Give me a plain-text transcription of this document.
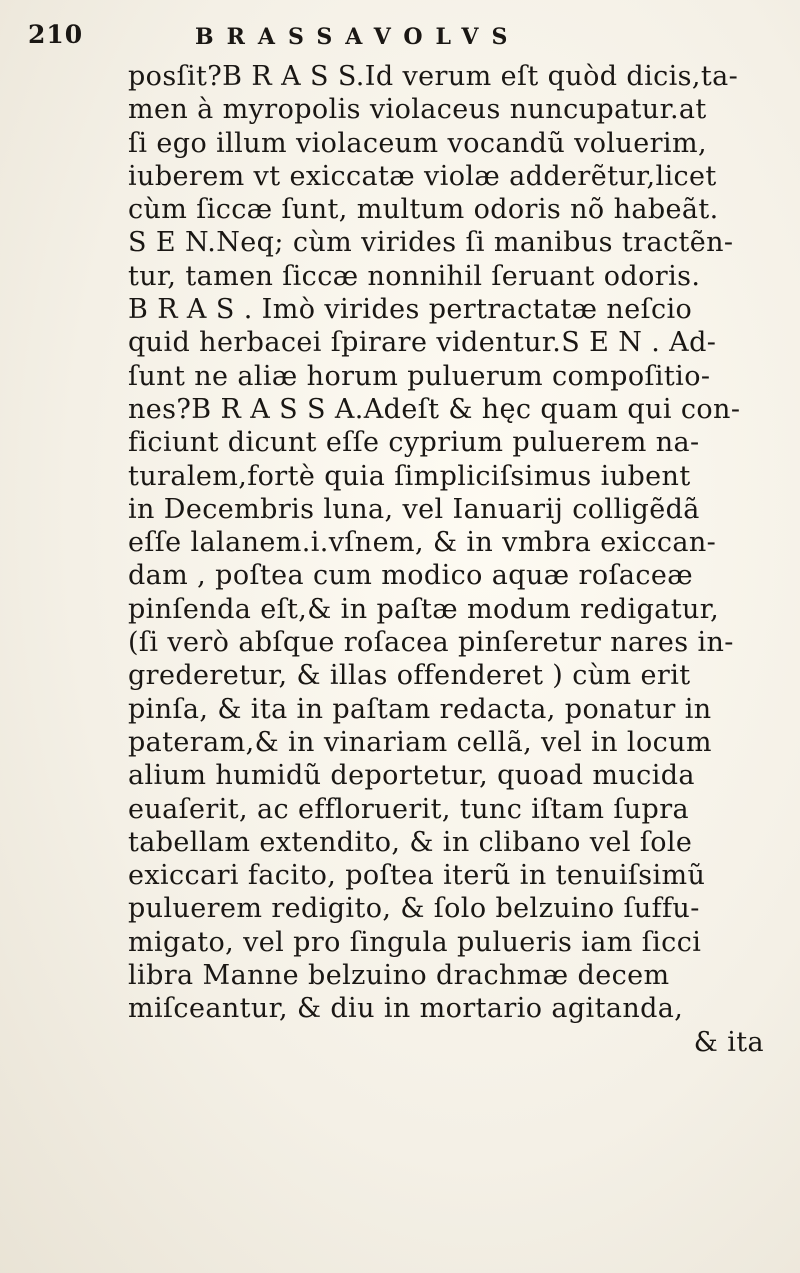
210	BRASSAVOLVS
posſit?B R A S S.Id verum eſt quòd dicis,ta-
men à myropolis violaceus nuncupatur.at
ſi ego illum violaceum vocandũ voluerim,
iuberem vt exiccatæ violæ adderẽtur,licet
cùm ſiccæ ſunt, multum odoris nõ habeãt.
S E N.Neq; cùm virides ſi manibus tractẽn-
tur, tamen ſiccæ nonnihil ſeruant odoris.
B R A S . Imò virides pertractatæ neſcio
quid herbacei ſpirare videntur.S E N . Ad-
ſunt ne aliæ horum puluerum compoſitio-
nes?B R A S S A.Adeſt & hęc quam qui con-
ficiunt dicunt eſſe cyprium puluerem na-
turalem,fortè quia ſimpliciſsimus iubent
in Decembris luna, vel Ianuarij colligẽdã
eſſe lalanem.i.vſnem, & in vmbra exiccan-
dam , poſtea cum modico aquæ roſaceæ
pinſenda eſt,& in paſtæ modum redigatur,
(ſi verò abſque roſacea pinſeretur nares in-
grederetur, & illas offenderet ) cùm erit
pinſa, & ita in paſtam redacta, ponatur in
pateram,& in vinariam cellã, vel in locum
alium humidũ deportetur, quoad mucida
euaſerit, ac effloruerit, tunc iſtam ſupra
tabellam extendito, & in clibano vel ſole
exiccari facito, poſtea iterũ in tenuiſsimũ
puluerem redigito, & ſolo belzuino ſuffu-
migato, vel pro ſingula pulueris iam ſicci
libra Manne belzuino drachmæ decem
miſceantur, & diu in mortario agitanda,
& ita
